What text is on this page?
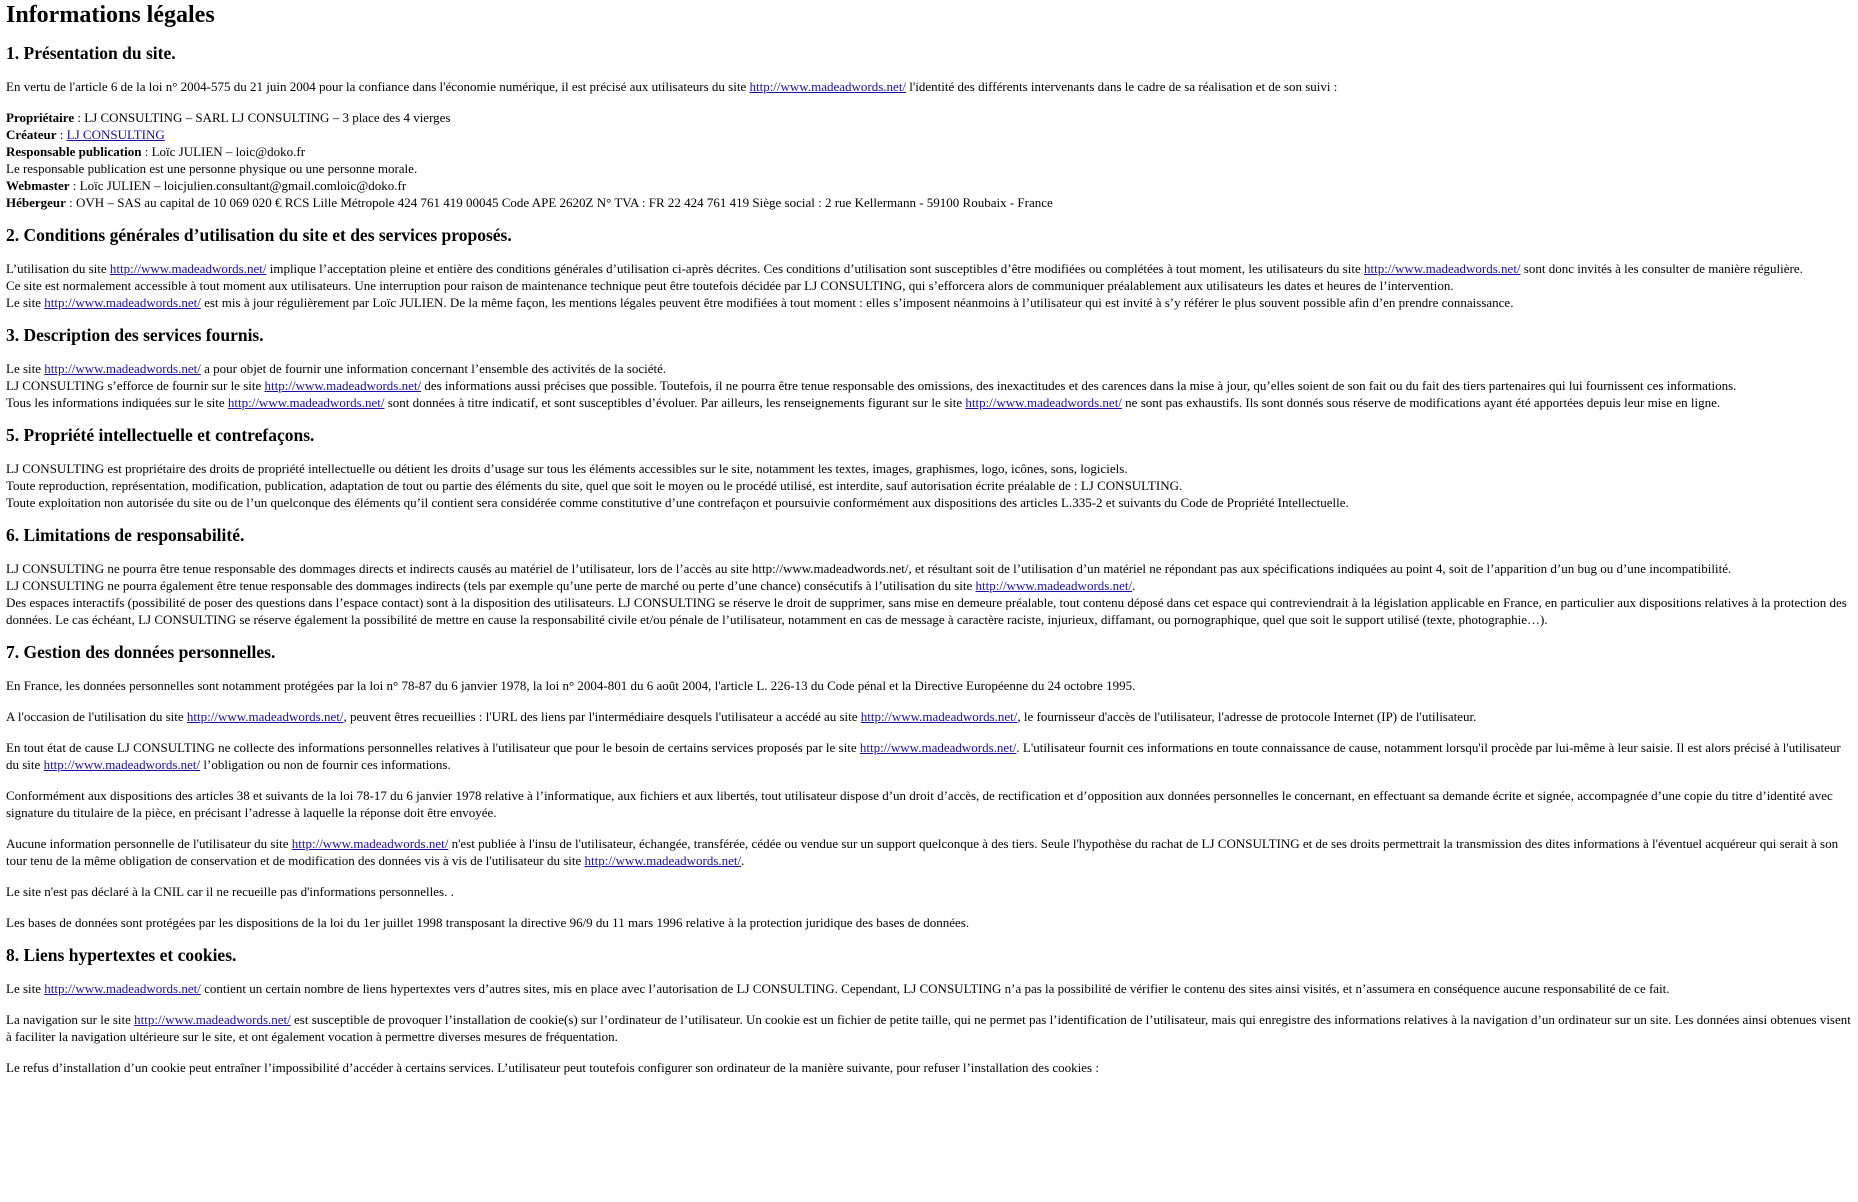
Informations légales
1. Présentation du site.

En vertu de l'article 6 de la loi n° 2004-575 du 21 juin 2004 pour la confiance dans l'économie numérique, il est précisé aux utilisateurs du site http://www.madeadwords.net/ l'identité des différents intervenants dans le cadre de sa réalisation et de son suivi :

Propriétaire : LJ CONSULTING – SARL LJ CONSULTING – 3 place des 4 vierges
Créateur : LJ CONSULTING
Responsable publication : Loïc JULIEN – loic@doko.fr
Le responsable publication est une personne physique ou une personne morale.
Webmaster : Loïc JULIEN – loicjulien.consultant@gmail.comloic@doko.fr
Hébergeur : OVH – SAS au capital de 10 069 020 € RCS Lille Métropole 424 761 419 00045 Code APE 2620Z N° TVA : FR 22 424 761 419 Siège social : 2 rue Kellermann - 59100 Roubaix - France
2. Conditions générales d’utilisation du site et des services proposés.
L’utilisation du site http://www.madeadwords.net/ implique l’acceptation pleine et entière des conditions générales d’utilisation ci-après décrites. Ces conditions d’utilisation sont susceptibles d’être modifiées ou complétées à tout moment, les utilisateurs du site http://www.madeadwords.net/ sont donc invités à les consulter de manière régulière.
Ce site est normalement accessible à tout moment aux utilisateurs. Une interruption pour raison de maintenance technique peut être toutefois décidée par LJ CONSULTING, qui s’efforcera alors de communiquer préalablement aux utilisateurs les dates et heures de l’intervention.
Le site http://www.madeadwords.net/ est mis à jour régulièrement par Loïc JULIEN. De la même façon, les mentions légales peuvent être modifiées à tout moment : elles s’imposent néanmoins à l’utilisateur qui est invité à s’y référer le plus souvent possible afin d’en prendre connaissance.
3. Description des services fournis.
Le site http://www.madeadwords.net/ a pour objet de fournir une information concernant l’ensemble des activités de la société.
LJ CONSULTING s’efforce de fournir sur le site http://www.madeadwords.net/ des informations aussi précises que possible. Toutefois, il ne pourra être tenue responsable des omissions, des inexactitudes et des carences dans la mise à jour, qu’elles soient de son fait ou du fait des tiers partenaires qui lui fournissent ces informations.
Tous les informations indiquées sur le site http://www.madeadwords.net/ sont données à titre indicatif, et sont susceptibles d’évoluer. Par ailleurs, les renseignements figurant sur le site http://www.madeadwords.net/ ne sont pas exhaustifs. Ils sont donnés sous réserve de modifications ayant été apportées depuis leur mise en ligne.
5. Propriété intellectuelle et contrefaçons.
LJ CONSULTING est propriétaire des droits de propriété intellectuelle ou détient les droits d’usage sur tous les éléments accessibles sur le site, notamment les textes, images, graphismes, logo, icônes, sons, logiciels.
Toute reproduction, représentation, modification, publication, adaptation de tout ou partie des éléments du site, quel que soit le moyen ou le procédé utilisé, est interdite, sauf autorisation écrite préalable de : LJ CONSULTING.
Toute exploitation non autorisée du site ou de l’un quelconque des éléments qu’il contient sera considérée comme constitutive d’une contrefaçon et poursuivie conformément aux dispositions des articles L.335-2 et suivants du Code de Propriété Intellectuelle.
6. Limitations de responsabilité.
LJ CONSULTING ne pourra être tenue responsable des dommages directs et indirects causés au matériel de l’utilisateur, lors de l’accès au site http://www.madeadwords.net/, et résultant soit de l’utilisation d’un matériel ne répondant pas aux spécifications indiquées au point 4, soit de l’apparition d’un bug ou d’une incompatibilité.
LJ CONSULTING ne pourra également être tenue responsable des dommages indirects (tels par exemple qu’une perte de marché ou perte d’une chance) consécutifs à l’utilisation du site http://www.madeadwords.net/.
Des espaces interactifs (possibilité de poser des questions dans l’espace contact) sont à la disposition des utilisateurs. LJ CONSULTING se réserve le droit de supprimer, sans mise en demeure préalable, tout contenu déposé dans cet espace qui contreviendrait à la législation applicable en France, en particulier aux dispositions relatives à la protection des données. Le cas échéant, LJ CONSULTING se réserve également la possibilité de mettre en cause la responsabilité civile et/ou pénale de l’utilisateur, notamment en cas de message à caractère raciste, injurieux, diffamant, ou pornographique, quel que soit le support utilisé (texte, photographie…).
7. Gestion des données personnelles.

En France, les données personnelles sont notamment protégées par la loi n° 78-87 du 6 janvier 1978, la loi n° 2004-801 du 6 août 2004, l'article L. 226-13 du Code pénal et la Directive Européenne du 24 octobre 1995.

A l'occasion de l'utilisation du site http://www.madeadwords.net/, peuvent êtres recueillies : l'URL des liens par l'intermédiaire desquels l'utilisateur a accédé au site http://www.madeadwords.net/, le fournisseur d'accès de l'utilisateur, l'adresse de protocole Internet (IP) de l'utilisateur.

En tout état de cause LJ CONSULTING ne collecte des informations personnelles relatives à l'utilisateur que pour le besoin de certains services proposés par le site http://www.madeadwords.net/. L'utilisateur fournit ces informations en toute connaissance de cause, notamment lorsqu'il procède par lui-même à leur saisie. Il est alors précisé à l'utilisateur du site http://www.madeadwords.net/ l’obligation ou non de fournir ces informations.

Conformément aux dispositions des articles 38 et suivants de la loi 78-17 du 6 janvier 1978 relative à l’informatique, aux fichiers et aux libertés, tout utilisateur dispose d’un droit d’accès, de rectification et d’opposition aux données personnelles le concernant, en effectuant sa demande écrite et signée, accompagnée d’une copie du titre d’identité avec signature du titulaire de la pièce, en précisant l’adresse à laquelle la réponse doit être envoyée.

Aucune information personnelle de l'utilisateur du site http://www.madeadwords.net/ n'est publiée à l'insu de l'utilisateur, échangée, transférée, cédée ou vendue sur un support quelconque à des tiers. Seule l'hypothèse du rachat de LJ CONSULTING et de ses droits permettrait la transmission des dites informations à l'éventuel acquéreur qui serait à son tour tenu de la même obligation de conservation et de modification des données vis à vis de l'utilisateur du site http://www.madeadwords.net/.

Le site n'est pas déclaré à la CNIL car il ne recueille pas d'informations personnelles. .

Les bases de données sont protégées par les dispositions de la loi du 1er juillet 1998 transposant la directive 96/9 du 11 mars 1996 relative à la protection juridique des bases de données.

8. Liens hypertextes et cookies.

Le site http://www.madeadwords.net/ contient un certain nombre de liens hypertextes vers d’autres sites, mis en place avec l’autorisation de LJ CONSULTING. Cependant, LJ CONSULTING n’a pas la possibilité de vérifier le contenu des sites ainsi visités, et n’assumera en conséquence aucune responsabilité de ce fait.

La navigation sur le site http://www.madeadwords.net/ est susceptible de provoquer l’installation de cookie(s) sur l’ordinateur de l’utilisateur. Un cookie est un fichier de petite taille, qui ne permet pas l’identification de l’utilisateur, mais qui enregistre des informations relatives à la navigation d’un ordinateur sur un site. Les données ainsi obtenues visent à faciliter la navigation ultérieure sur le site, et ont également vocation à permettre diverses mesures de fréquentation.

Le refus d’installation d’un cookie peut entraîner l’impossibilité d’accéder à certains services. L’utilisateur peut toutefois configurer son ordinateur de la manière suivante, pour refuser l’installation des cookies :
